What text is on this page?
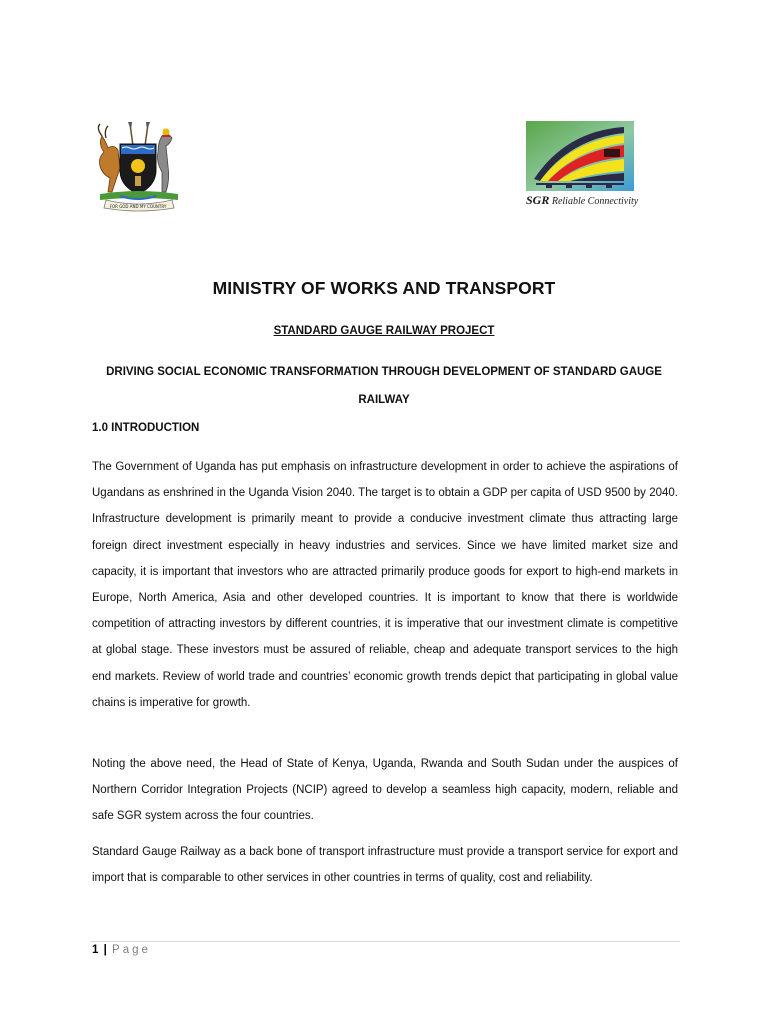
FOR GOD AND MY COUNTRY	SGR Reliable Connectivity
MINISTRY OF WORKS AND TRANSPORT
STANDARD GAUGE RAILWAY PROJECT
DRIVING SOCIAL ECONOMIC TRANSFORMATION THROUGH DEVELOPMENT OF STANDARD GAUGE RAILWAY
1.0 INTRODUCTION

The Government of Uganda has put emphasis on infrastructure development in order to achieve the aspirations of Ugandans as enshrined in the Uganda Vision 2040. The target is to obtain a GDP per capita of USD 9500 by 2040. Infrastructure development is primarily meant to provide a conducive investment climate thus attracting large foreign direct investment especially in heavy industries and services. Since we have limited market size and capacity, it is important that investors who are attracted primarily produce goods for export to high-end markets in Europe, North America, Asia and other developed countries. It is important to know that there is worldwide competition of attracting investors by different countries, it is imperative that our investment climate is competitive at global stage. These investors must be assured of reliable, cheap and adequate transport services to the high end markets. Review of world trade and countries’ economic growth trends depict that participating in global value chains is imperative for growth.

Noting the above need, the Head of State of Kenya, Uganda, Rwanda and South Sudan under the auspices of Northern Corridor Integration Projects (NCIP) agreed to develop a seamless high capacity, modern, reliable and safe SGR system across the four countries.

Standard Gauge Railway as a back bone of transport infrastructure must provide a transport service for export and import that is comparable to other services in other countries in terms of quality, cost and reliability.

1 | Page
